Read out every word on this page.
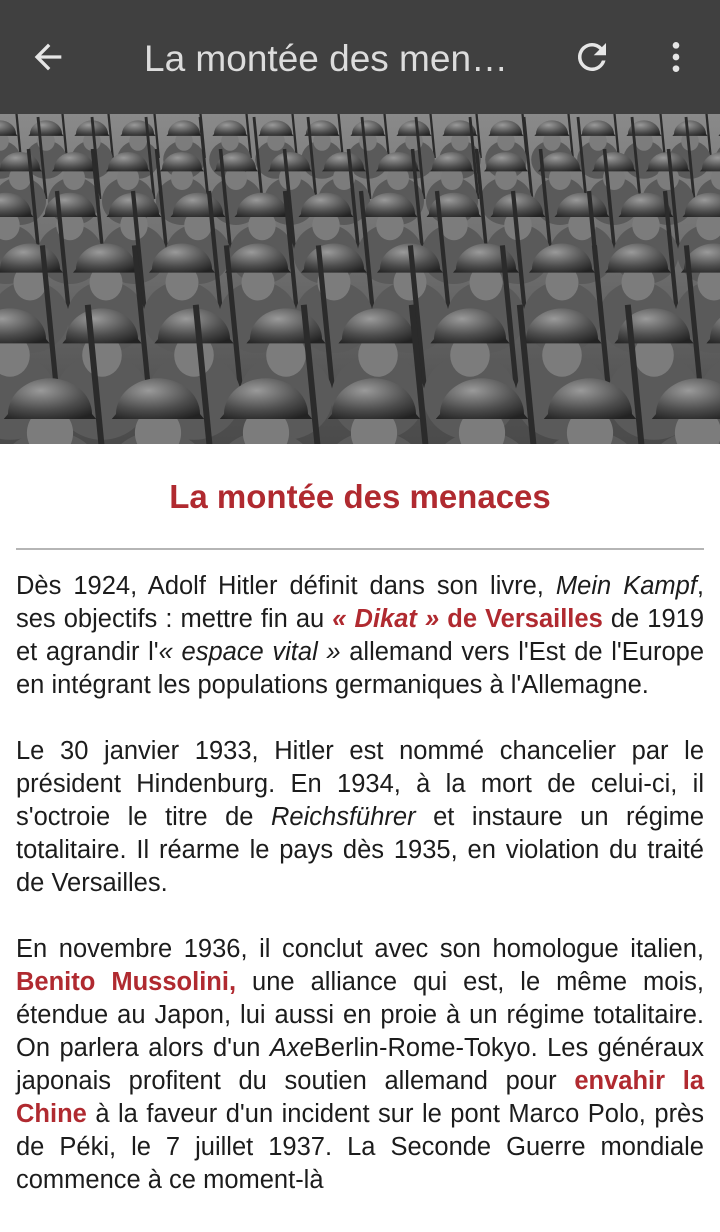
La montée des men…
La montée des menaces

Dès 1924, Adolf Hitler définit dans son livre, Mein Kampf, ses objectifs : mettre fin au « Dikat » de Versailles de 1919 et agrandir l'« espace vital » allemand vers l'Est de l'Europe en intégrant les populations germaniques à l'Allemagne.

Le 30 janvier 1933, Hitler est nommé chancelier par le président Hindenburg. En 1934, à la mort de celui-ci, il s'octroie le titre de Reichsführer et instaure un régime totalitaire. Il réarme le pays dès 1935, en violation du traité de Versailles.

En novembre 1936, il conclut avec son homologue italien, Benito Mussolini, une alliance qui est, le même mois, étendue au Japon, lui aussi en proie à un régime totalitaire. On parlera alors d'un AxeBerlin-Rome-Tokyo. Les généraux japonais profitent du soutien allemand pour envahir la Chine à la faveur d'un incident sur le pont Marco Polo, près de Péki, le 7 juillet 1937. La Seconde Guerre mondiale commence à ce moment-là
